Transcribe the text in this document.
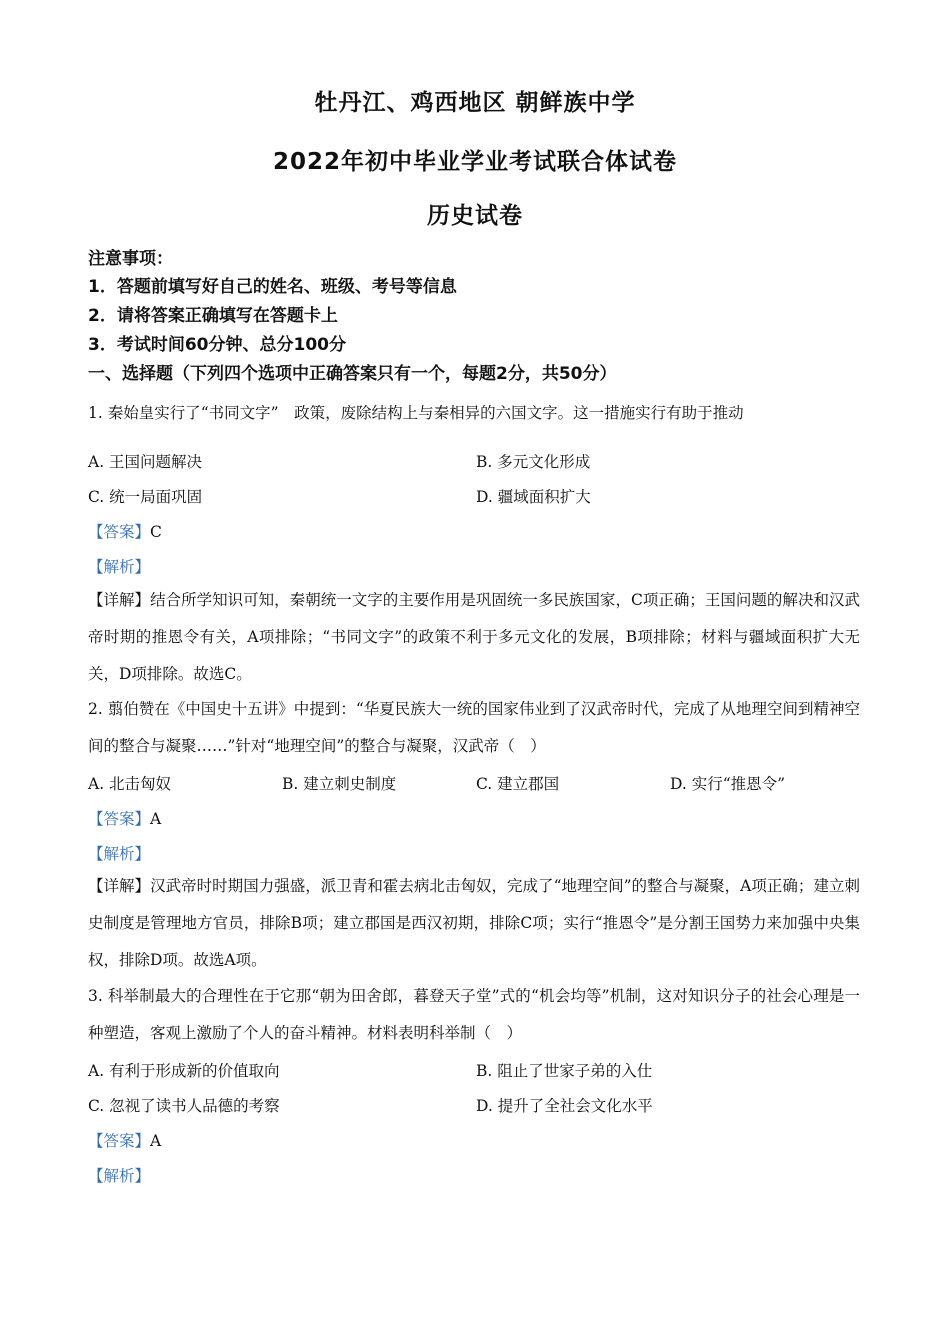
牡丹江、鸡西地区 朝鲜族中学
2022年初中毕业学业考试联合体试卷
历史试卷
注意事项：
1．答题前填写好自己的姓名、班级、考号等信息
2．请将答案正确填写在答题卡上
3．考试时间60分钟、总分100分
一、选择题（下列四个选项中正确答案只有一个，每题2分，共50分）
1. 秦始皇实行了“书同文字”　政策，废除结构上与秦相异的六国文字。这一措施实行有助于推动
A. 王国问题解决	B. 多元文化形成
C. 统一局面巩固	D. 疆域面积扩大
【答案】C
【解析】
【详解】结合所学知识可知，秦朝统一文字的主要作用是巩固统一多民族国家，C项正确；王国问题的解决和汉武帝时期的推恩令有关，A项排除；“书同文字”的政策不利于多元文化的发展，B项排除；材料与疆域面积扩大无关，D项排除。故选C。
2. 翦伯赞在《中国史十五讲》中提到：“华夏民族大一统的国家伟业到了汉武帝时代，完成了从地理空间到精神空间的整合与凝聚……”针对“地理空间”的整合与凝聚，汉武帝（　）
A. 北击匈奴	B. 建立刺史制度	C. 建立郡国	D. 实行“推恩令”
【答案】A
【解析】
【详解】汉武帝时时期国力强盛，派卫青和霍去病北击匈奴，完成了“地理空间”的整合与凝聚，A项正确；建立刺史制度是管理地方官员，排除B项；建立郡国是西汉初期，排除C项；实行“推恩令”是分割王国势力来加强中央集权，排除D项。故选A项。
3. 科举制最大的合理性在于它那“朝为田舍郎，暮登天子堂”式的“机会均等”机制，这对知识分子的社会心理是一种塑造，客观上激励了个人的奋斗精神。材料表明科举制（　）
A. 有利于形成新的价值取向	B. 阻止了世家子弟的入仕
C. 忽视了读书人品德的考察	D. 提升了全社会文化水平
【答案】A
【解析】
